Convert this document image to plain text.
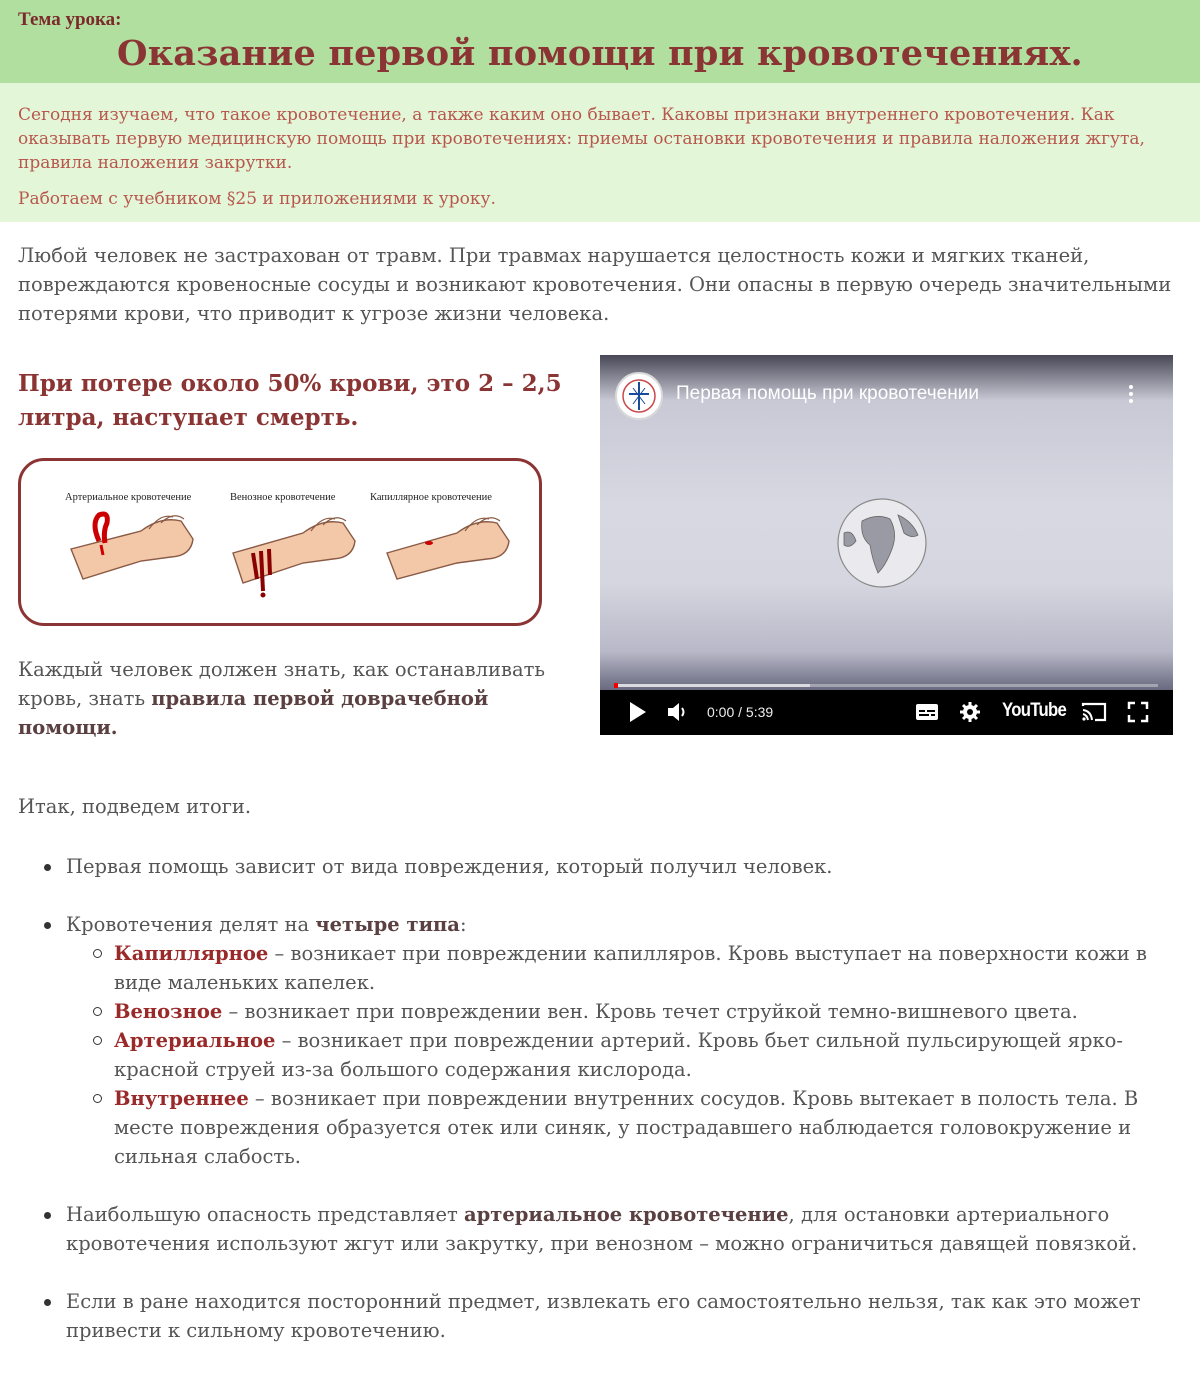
Тема урока:
Оказание первой помощи при кровотечениях.

Сегодня изучаем, что такое кровотечение, а также каким оно бывает. Каковы признаки внутреннего кровотечения. Как оказывать первую медицинскую помощь при кровотечениях: приемы остановки кровотечения и правила наложения жгута, правила наложения закрутки.

Работаем с учебником §25 и приложениями к уроку.

Любой человек не застрахован от травм. При травмах нарушается целостность кожи и мягких тканей, повреждаются кровеносные сосуды и возникают кровотечения. Они опасны в первую очередь значительными потерями крови, что приводит к угрозе жизни человека.

При потере около 50% крови, это 2 – 2,5 литра, наступает смерть.

Артериальное кровотечение	Венозное кровотечение	Капиллярное кровотечение

Каждый человек должен знать, как останавливать кровь, знать правила первой доврачебной помощи.

Первая помощь при кровотечении
0:00 / 5:39	YouTube

Итак, подведем итоги.

Первая помощь зависит от вида повреждения, который получил человек.
Кровотечения делят на четыре типа:
Капиллярное – возникает при повреждении капилляров. Кровь выступает на поверхности кожи в виде маленьких капелек.
Венозное – возникает при повреждении вен. Кровь течет струйкой темно-вишневого цвета.
Артериальное – возникает при повреждении артерий. Кровь бьет сильной пульсирующей ярко-красной струей из-за большого содержания кислорода.
Внутреннее – возникает при повреждении внутренних сосудов. Кровь вытекает в полость тела. В месте повреждения образуется отек или синяк, у пострадавшего наблюдается головокружение и сильная слабость.
Наибольшую опасность представляет артериальное кровотечение, для остановки артериального кровотечения используют жгут или закрутку, при венозном – можно ограничиться давящей повязкой.
Если в ране находится посторонний предмет, извлекать его самостоятельно нельзя, так как это может привести к сильному кровотечению.
